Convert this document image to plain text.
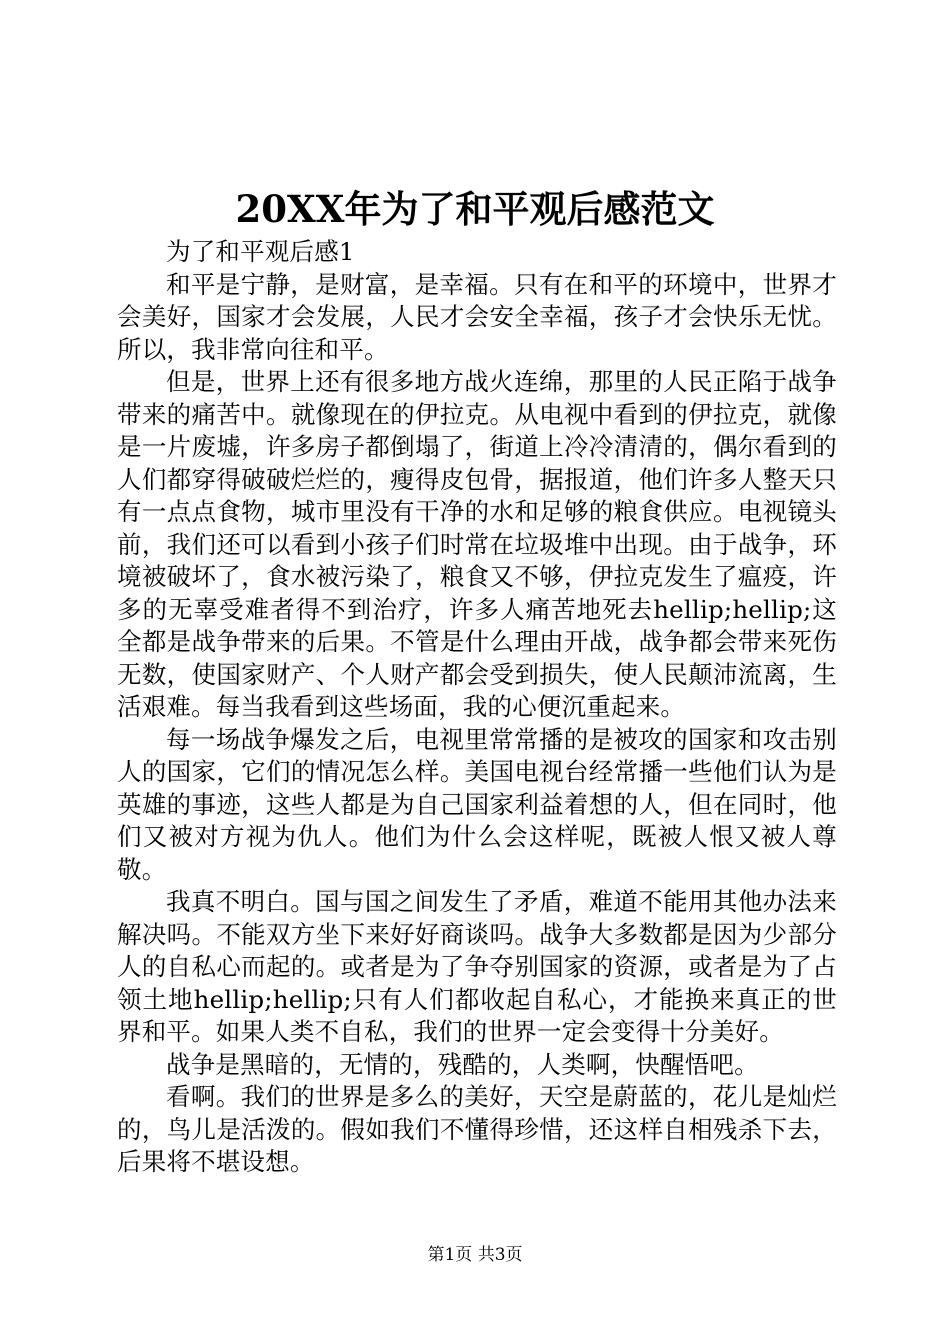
20XX年为了和平观后感范文

为了和平观后感1

和平是宁静，是财富，是幸福。只有在和平的环境中，世界才会美好，国家才会发展，人民才会安全幸福，孩子才会快乐无忧。所以，我非常向往和平。

但是，世界上还有很多地方战火连绵，那里的人民正陷于战争带来的痛苦中。就像现在的伊拉克。从电视中看到的伊拉克，就像是一片废墟，许多房子都倒塌了，街道上冷冷清清的，偶尔看到的人们都穿得破破烂烂的，瘦得皮包骨，据报道，他们许多人整天只有一点点食物，城市里没有干净的水和足够的粮食供应。电视镜头前，我们还可以看到小孩子们时常在垃圾堆中出现。由于战争，环境被破坏了，食水被污染了，粮食又不够，伊拉克发生了瘟疫，许多的无辜受难者得不到治疗，许多人痛苦地死去hellip;hellip;这全都是战争带来的后果。不管是什么理由开战，战争都会带来死伤无数，使国家财产、个人财产都会受到损失，使人民颠沛流离，生活艰难。每当我看到这些场面，我的心便沉重起来。

每一场战争爆发之后，电视里常常播的是被攻的国家和攻击别人的国家，它们的情况怎么样。美国电视台经常播一些他们认为是英雄的事迹，这些人都是为自己国家利益着想的人，但在同时，他们又被对方视为仇人。他们为什么会这样呢，既被人恨又被人尊敬。

我真不明白。国与国之间发生了矛盾，难道不能用其他办法来解决吗。不能双方坐下来好好商谈吗。战争大多数都是因为少部分人的自私心而起的。或者是为了争夺别国家的资源，或者是为了占领土地hellip;hellip;只有人们都收起自私心，才能换来真正的世界和平。如果人类不自私，我们的世界一定会变得十分美好。

战争是黑暗的，无情的，残酷的，人类啊，快醒悟吧。

看啊。我们的世界是多么的美好，天空是蔚蓝的，花儿是灿烂的，鸟儿是活泼的。假如我们不懂得珍惜，还这样自相残杀下去，后果将不堪设想。

第1页 共3页
